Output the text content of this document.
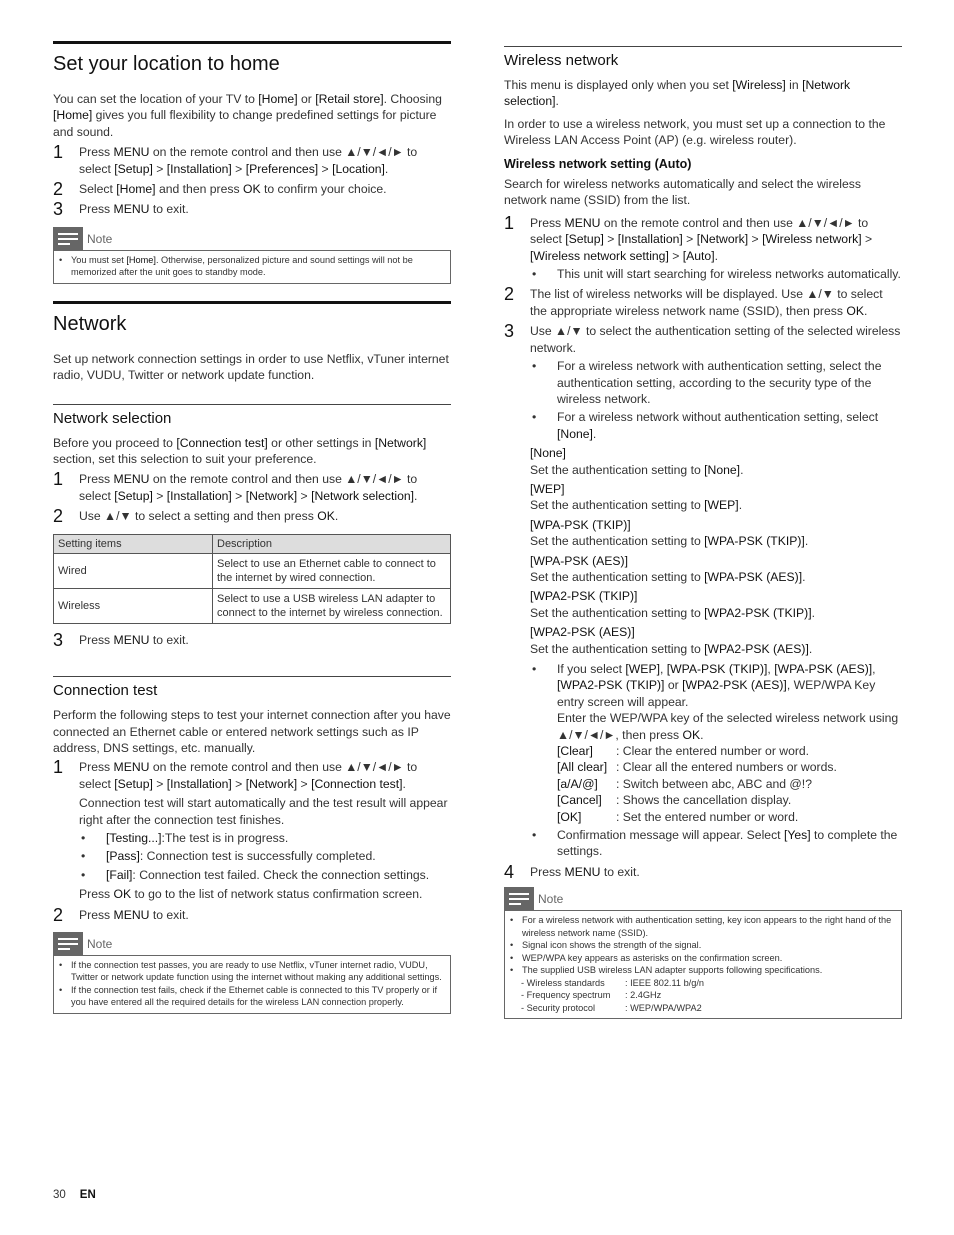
Set your location to home

You can set the location of your TV to [Home] or [Retail store]. Choosing [Home] gives you full flexibility to change predefined settings for picture and sound.

1	Press MENU on the remote control and then use ▲/▼/◄/► to select [Setup] > [Installation] > [Preferences] > [Location].
2	Select [Home] and then press OK to confirm your choice.
3	Press MENU to exit.
Note
• You must set [Home]. Otherwise, personalized picture and sound settings will not be memorized after the unit goes to standby mode.
Network

Set up network connection settings in order to use Netflix, vTuner internet radio, VUDU, Twitter or network update function.

Network selection

Before you proceed to [Connection test] or other settings in [Network] section, set this selection to suit your preference.

1	Press MENU on the remote control and then use ▲/▼/◄/► to select [Setup] > [Installation] > [Network] > [Network selection].
2	Use ▲/▼ to select a setting and then press OK.
Setting items	Description
Wired	Select to use an Ethernet cable to connect to the internet by wired connection.
Wireless	Select to use a USB wireless LAN adapter to connect to the internet by wireless connection.
3	Press MENU to exit.
Connection test

Perform the following steps to test your internet connection after you have connected an Ethernet cable or entered network settings such as IP address, DNS settings, etc. manually.

1	Press MENU on the remote control and then use ▲/▼/◄/► to select [Setup] > [Installation] > [Network] > [Connection test].
Connection test will start automatically and the test result will appear right after the connection test finishes.
•	[Testing...]:The test is in progress.
•	[Pass]: Connection test is successfully completed.
•	[Fail]: Connection test failed. Check the connection settings.
Press OK to go to the list of network status confirmation screen.
2	Press MENU to exit.
Note
• If the connection test passes, you are ready to use Netflix, vTuner internet radio, VUDU, Twitter or network update function using the internet without making any additional settings.
• If the connection test fails, check if the Ethernet cable is connected to this TV properly or if you have entered all the required details for the wireless LAN connection properly.
Wireless network

This menu is displayed only when you set [Wireless] in [Network selection].

In order to use a wireless network, you must set up a connection to the Wireless LAN Access Point (AP) (e.g. wireless router).

Wireless network setting (Auto)

Search for wireless networks automatically and select the wireless network name (SSID) from the list.

1	Press MENU on the remote control and then use ▲/▼/◄/► to select [Setup] > [Installation] > [Network] > [Wireless network] > [Wireless network setting] > [Auto].
•	This unit will start searching for wireless networks automatically.
2	The list of wireless networks will be displayed. Use ▲/▼ to select the appropriate wireless network name (SSID), then press OK.
3	Use ▲/▼ to select the authentication setting of the selected wireless network.
•	For a wireless network with authentication setting, select the authentication setting, according to the security type of the wireless network.
•	For a wireless network without authentication setting, select [None].
[None]
Set the authentication setting to [None].
[WEP]
Set the authentication setting to [WEP].
[WPA-PSK (TKIP)]
Set the authentication setting to [WPA-PSK (TKIP)].
[WPA-PSK (AES)]
Set the authentication setting to [WPA-PSK (AES)].
[WPA2-PSK (TKIP)]
Set the authentication setting to [WPA2-PSK (TKIP)].
[WPA2-PSK (AES)]
Set the authentication setting to [WPA2-PSK (AES)].
•	If you select [WEP], [WPA-PSK (TKIP)], [WPA-PSK (AES)], [WPA2-PSK (TKIP)] or [WPA2-PSK (AES)], WEP/WPA Key entry screen will appear.
Enter the WEP/WPA key of the selected wireless network using ▲/▼/◄/►, then press OK.
[Clear]	: Clear the entered number or word.
[All clear] : Clear all the entered numbers or words.
[a/A/@]	: Switch between abc, ABC and @!?
[Cancel]	: Shows the cancellation display.
[OK]	: Set the entered number or word.
•	Confirmation message will appear. Select [Yes] to complete the settings.
4	Press MENU to exit.
Note
• For a wireless network with authentication setting, key icon appears to the right hand of the wireless network name (SSID).
• Signal icon shows the strength of the signal.
• WEP/WPA key appears as asterisks on the confirmation screen.
• The supplied USB wireless LAN adapter supports following specifications.
- Wireless standards	: IEEE 802.11 b/g/n
- Frequency spectrum	: 2.4GHz
- Security protocol	: WEP/WPA/WPA2
30 EN
